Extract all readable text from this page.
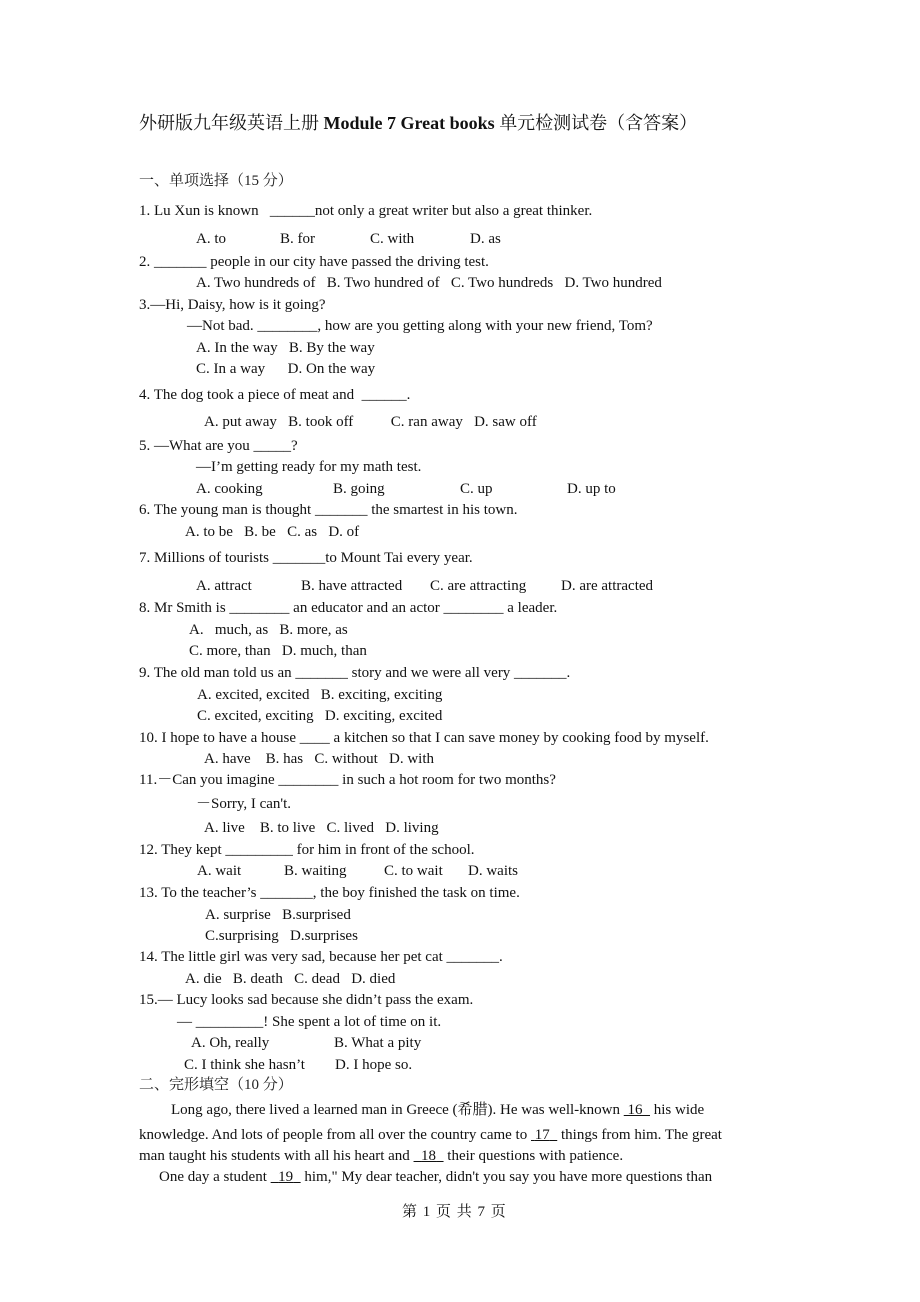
外研版九年级英语上册 Module 7 Great books 单元检测试卷（含答案）
一、单项选择（15 分）
1. Lu Xun is known   ______not only a great writer but also a great thinker.
A. to	B. for	C. with	D. as
2. _______ people in our city have passed the driving test.
A. Two hundreds of   B. Two hundred of   C. Two hundreds   D. Two hundred
3.—Hi, Daisy, how is it going?
—Not bad. ________, how are you getting along with your new friend, Tom?
A. In the way   B. By the way
C. In a way      D. On the way
4. The dog took a piece of meat and  ______.
A. put away   B. took off          C. ran away   D. saw off
5. —What are you _____?
—I’m getting ready for my math test.
A. cooking	B. going	C. up	D. up to
6. The young man is thought _______ the smartest in his town.
A. to be   B. be   C. as   D. of
7. Millions of tourists _______to Mount Tai every year.
A. attract	B. have attracted C. are attracting D. are attracted
8. Mr Smith is ________ an educator and an actor ________ a leader.
A.   much, as   B. more, as
C. more, than   D. much, than
9. The old man told us an _______ story and we were all very _______.
A. excited, excited   B. exciting, exciting
C. excited, exciting   D. exciting, excited
10. I hope to have a house ____ a kitchen so that I can save money by cooking food by myself.
A. have    B. has   C. without   D. with
11.－Can you imagine ________ in such a hot room for two months?
－Sorry, I can't.
A. live    B. to live   C. lived   D. living
12. They kept _________ for him in front of the school.
A. wait	B. waiting	C. to wait D. waits
13. To the teacher’s _______, the boy finished the task on time.
A. surprise   B.surprised
C.surprising   D.surprises
14. The little girl was very sad, because her pet cat _______.
A. die   B. death   C. dead   D. died
15.— Lucy looks sad because she didn’t pass the exam.
— _________! She spent a lot of time on it.
A. Oh, really	B. What a pity
C. I think she hasn’t D. I hope so.
二、完形填空（10 分）
Long ago, there lived a learned man in Greece (希腊). He was well-known  16   his wide
knowledge. And lots of people from all over the country came to  17   things from him. The great
man taught his students with all his heart and   18   their questions with patience.
One day a student   19   him," My dear teacher, didn't you say you have more questions than
第 1 页 共 7 页
